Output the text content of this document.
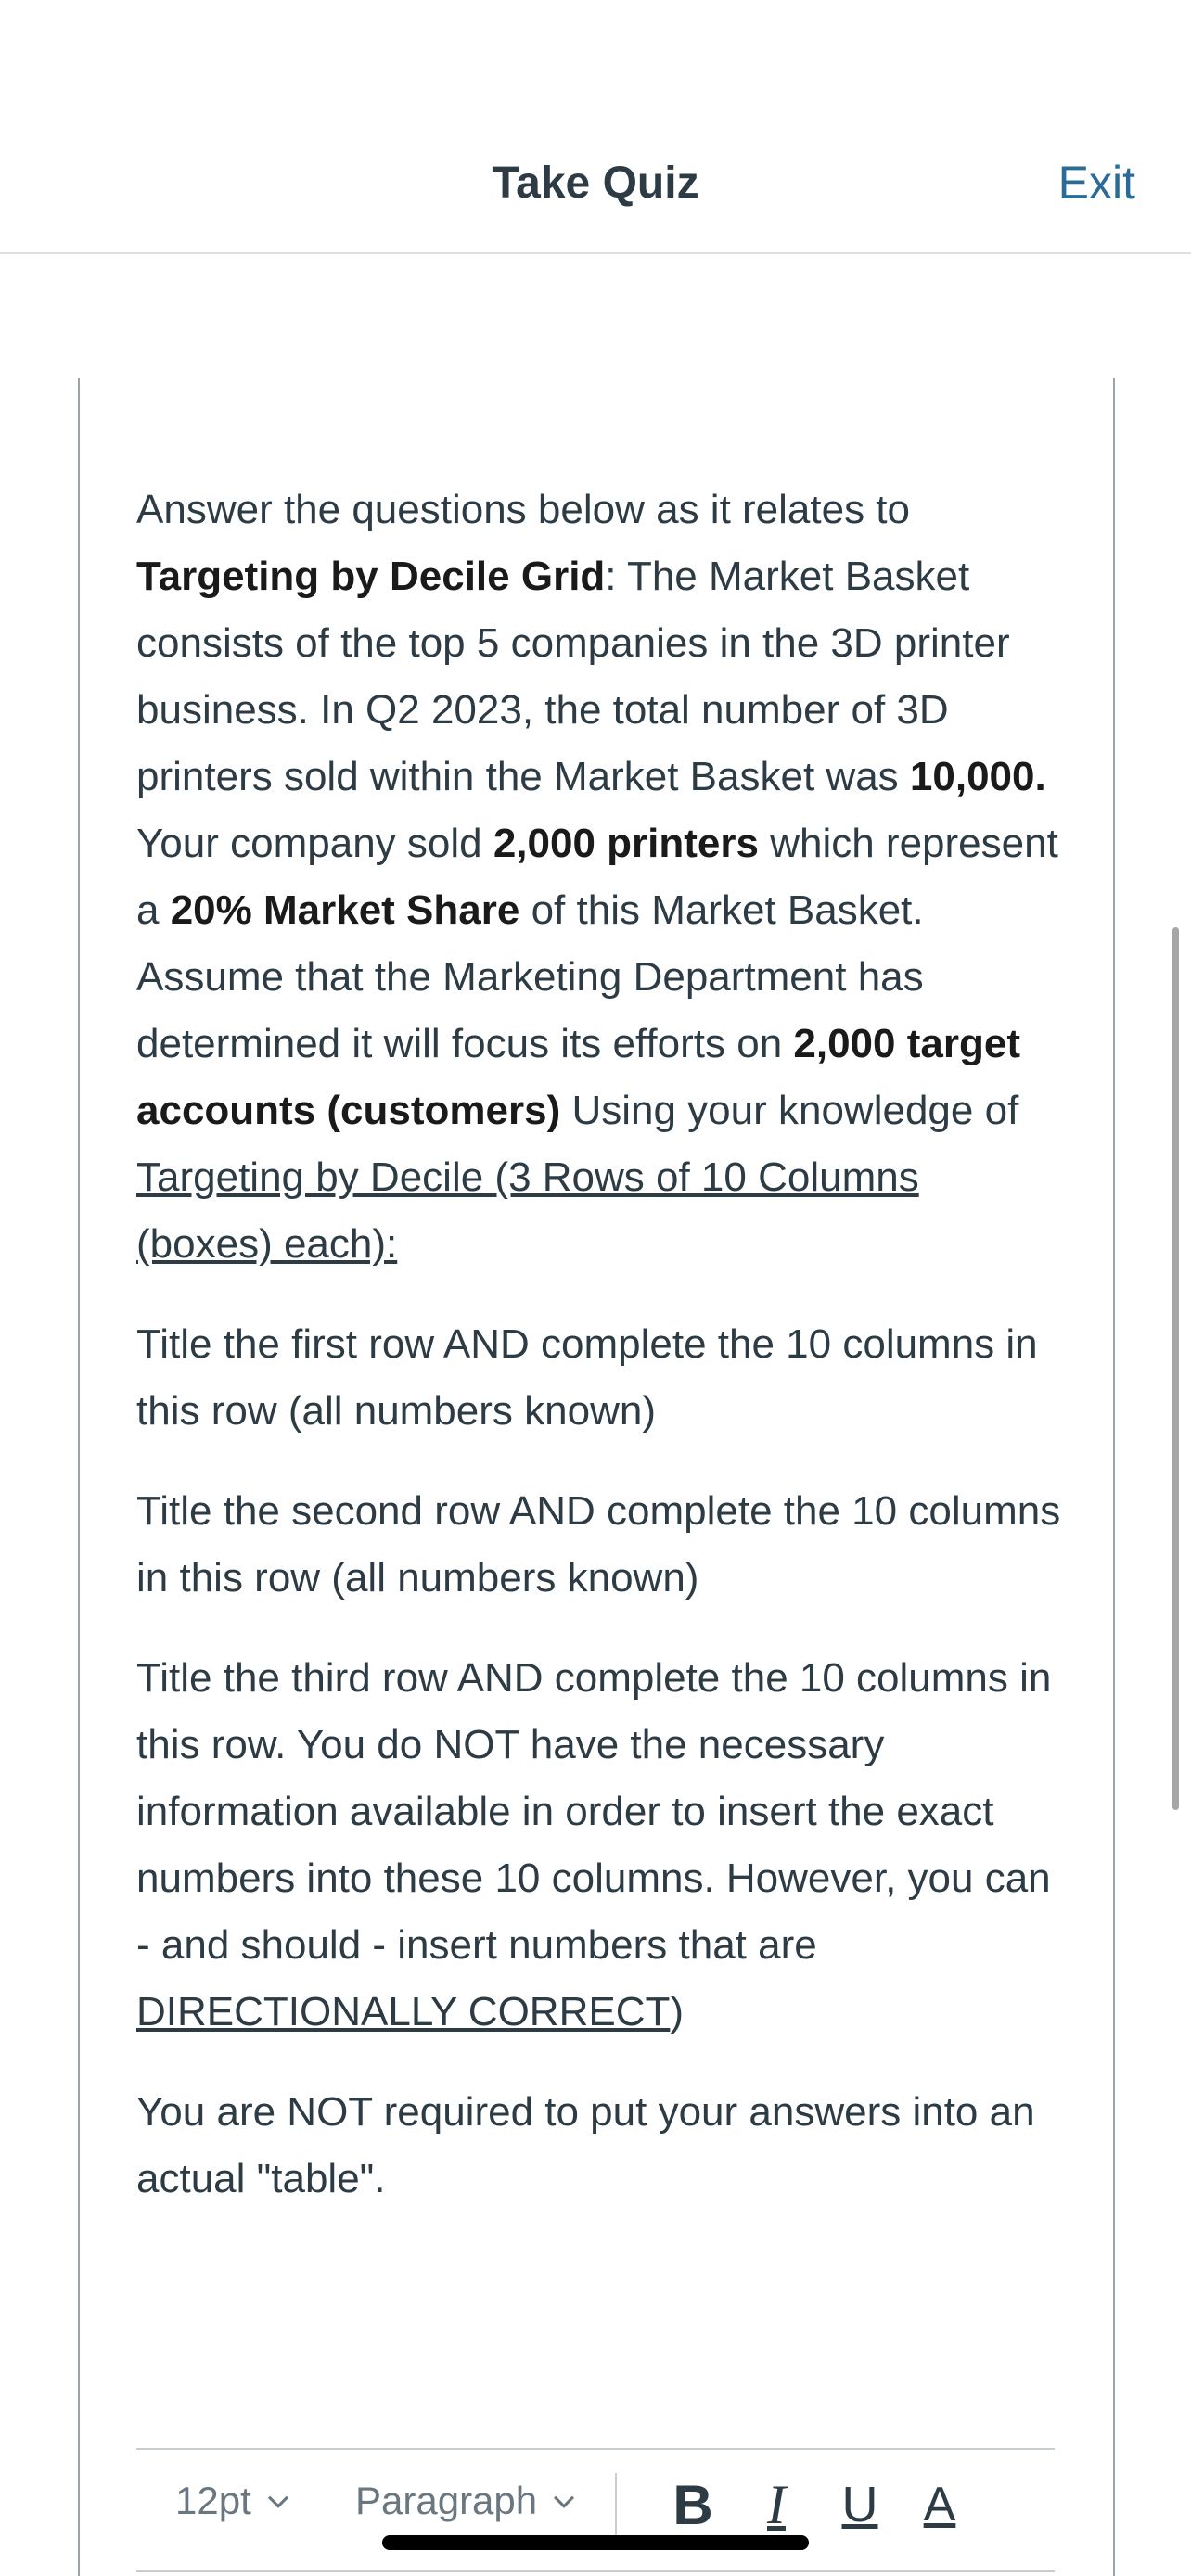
Take Quiz	Exit

Answer the questions below as it relates to Targeting by Decile Grid: The Market Basket consists of the top 5 companies in the 3D printer business. In Q2 2023, the total number of 3D printers sold within the Market Basket was 10,000. Your company sold 2,000 printers which represent a 20% Market Share of this Market Basket. Assume that the Marketing Department has determined it will focus its efforts on 2,000 target accounts (customers) Using your knowledge of Targeting by Decile (3 Rows of 10 Columns (boxes) each):

Title the first row AND complete the 10 columns in this row (all numbers known)

Title the second row AND complete the 10 columns in this row (all numbers known)

Title the third row AND complete the 10 columns in this row. You do NOT have the necessary information available in order to insert the exact numbers into these 10 columns. However, you can - and should - insert numbers that are DIRECTIONALLY CORRECT)

You are NOT required to put your answers into an actual "table".

12pt	Paragraph B I	U A
